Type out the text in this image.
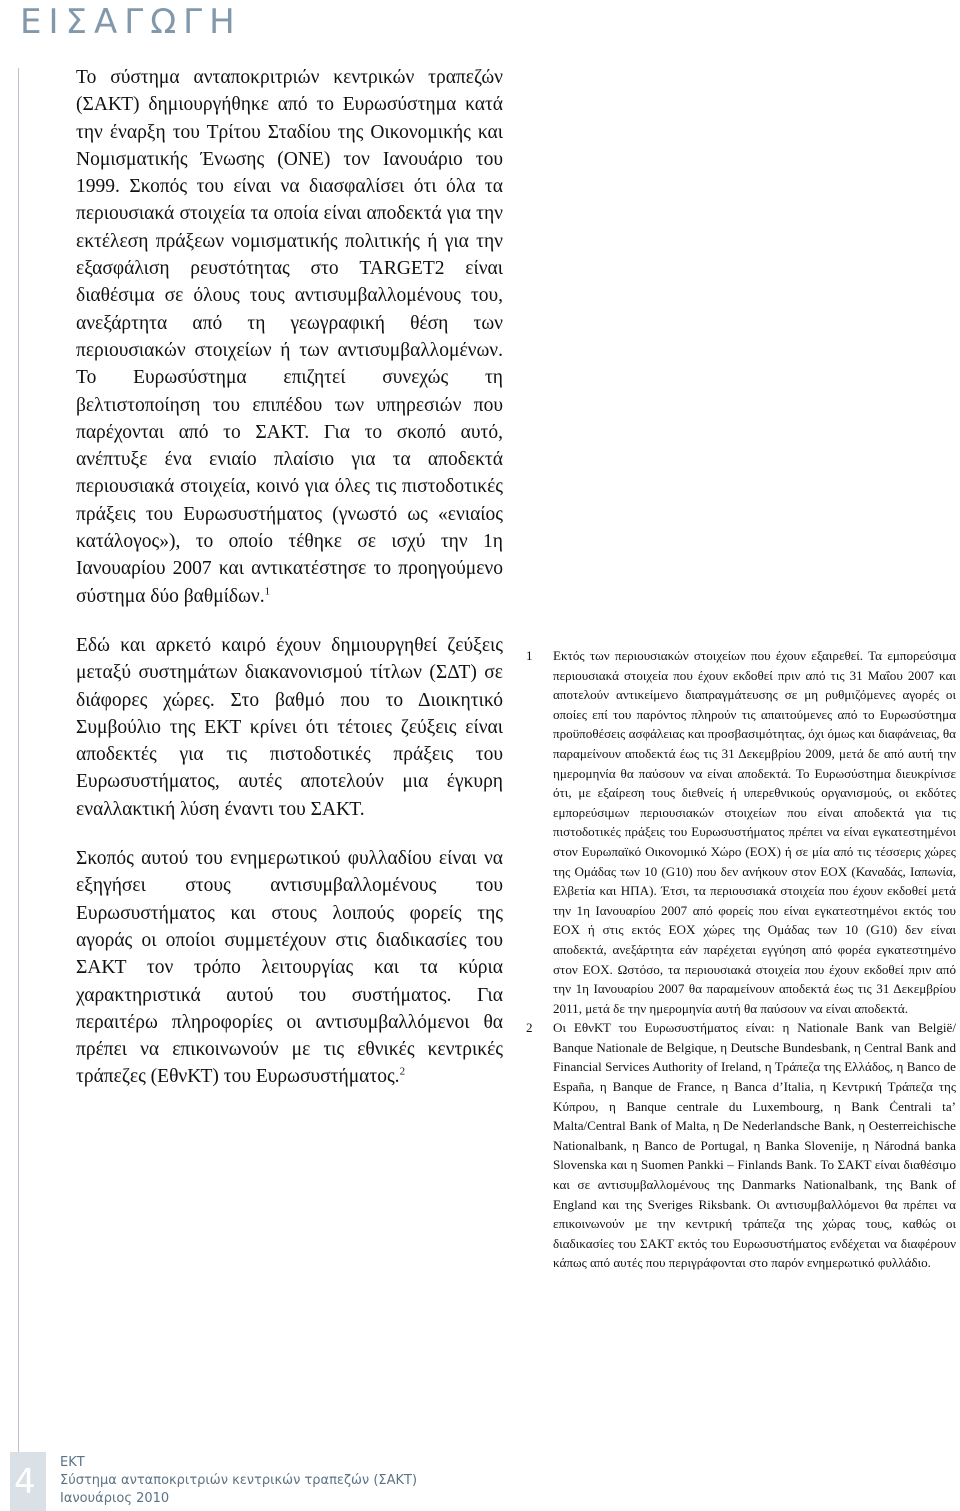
ΕΙΣΑΓΩΓΗ

Το σύστημα ανταποκριτριών κεντρικών τραπεζών (ΣΑΚΤ) δημιουργήθηκε από το Ευρωσύστημα κατά την έναρξη του Τρίτου Σταδίου της Οικονομικής και Νομισματικής Ένωσης (ΟΝΕ) τον Ιανουάριο του 1999. Σκοπός του είναι να διασφαλίσει ότι όλα τα περιουσιακά στοιχεία τα οποία είναι αποδεκτά για την εκτέλεση πράξεων νομισματικής πολιτικής ή για την εξασφάλιση ρευστότητας στο TARGET2 είναι διαθέσιμα σε όλους τους αντισυμβαλλομένους του, ανεξάρτητα από τη γεωγραφική θέση των περιουσιακών στοιχείων ή των αντισυμβαλλομένων. Το Ευρωσύστημα επιζητεί συνεχώς τη βελτιστοποίηση του επιπέδου των υπηρεσιών που παρέχονται από το ΣΑΚΤ. Για το σκοπό αυτό, ανέπτυξε ένα ενιαίο πλαίσιο για τα αποδεκτά περιουσιακά στοιχεία, κοινό για όλες τις πιστοδοτικές πράξεις του Ευρωσυστήματος (γνωστό ως «ενιαίος κατάλογος»), το οποίο τέθηκε σε ισχύ την 1η Ιανουαρίου 2007 και αντικατέστησε το προηγούμενο σύστημα δύο βαθμίδων.$^1$

Εδώ και αρκετό καιρό έχουν δημιουργηθεί ζεύξεις μεταξύ συστημάτων διακανονισμού τίτλων (ΣΔΤ) σε διάφορες χώρες. Στο βαθμό που το Διοικητικό Συμβούλιο της ΕΚΤ κρίνει ότι τέτοιες ζεύξεις είναι αποδεκτές για τις πιστοδοτικές πράξεις του Ευρωσυστήματος, αυτές αποτελούν μια έγκυρη εναλλακτική λύση έναντι του ΣΑΚΤ.

Σκοπός αυτού του ενημερωτικού φυλλαδίου είναι να εξηγήσει στους αντισυμβαλλομένους του Ευρωσυστήματος και στους λοιπούς φορείς της αγοράς οι οποίοι συμμετέχουν στις διαδικασίες του ΣΑΚΤ τον τρόπο λειτουργίας και τα κύρια χαρακτηριστικά αυτού του συστήματος. Για περαιτέρω πληροφορίες οι αντισυμβαλλόμενοι θα πρέπει να επικοινωνούν με τις εθνικές κεντρικές τράπεζες (ΕθνΚΤ) του Ευρωσυστήματος.$^2$

1 Εκτός των περιουσιακών στοιχείων που έχουν εξαιρεθεί. Τα εμπορεύσιμα περιουσιακά στοιχεία που έχουν εκδοθεί πριν από τις 31 Μαΐου 2007 και αποτελούν αντικείμενο διαπραγμάτευσης σε μη ρυθμιζόμενες αγορές οι οποίες επί του παρόντος πληρούν τις απαιτούμενες από το Ευρωσύστημα προϋποθέσεις ασφάλειας και προσβασιμότητας, όχι όμως και διαφάνειας, θα παραμείνουν αποδεκτά έως τις 31 Δεκεμβρίου 2009, μετά δε από αυτή την ημερομηνία θα παύσουν να είναι αποδεκτά. Το Ευρωσύστημα διευκρίνισε ότι, με εξαίρεση τους διεθνείς ή υπερεθνικούς οργανισμούς, οι εκδότες εμπορεύσιμων περιουσιακών στοιχείων που είναι αποδεκτά για τις πιστοδοτικές πράξεις του Ευρωσυστήματος πρέπει να είναι εγκατεστημένοι στον Ευρωπαϊκό Οικονομικό Χώρο (ΕΟΧ) ή σε μία από τις τέσσερις χώρες της Ομάδας των 10 (G10) που δεν ανήκουν στον ΕΟΧ (Καναδάς, Ιαπωνία, Ελβετία και ΗΠΑ). Έτσι, τα περιουσιακά στοιχεία που έχουν εκδοθεί μετά την 1η Ιανουαρίου 2007 από φορείς που είναι εγκατεστημένοι εκτός του ΕΟΧ ή στις εκτός ΕΟΧ χώρες της Ομάδας των 10 (G10) δεν είναι αποδεκτά, ανεξάρτητα εάν παρέχεται εγγύηση από φορέα εγκατεστημένο στον ΕΟΧ. Ωστόσο, τα περιουσιακά στοιχεία που έχουν εκδοθεί πριν από την 1η Ιανουαρίου 2007 θα παραμείνουν αποδεκτά έως τις 31 Δεκεμβρίου 2011, μετά δε την ημερομηνία αυτή θα παύσουν να είναι αποδεκτά.
2 Οι ΕθνΚΤ του Ευρωσυστήματος είναι: η Nationale Bank van België/ Banque Nationale de Belgique, η Deutsche Bundesbank, η Central Bank and Financial Services Authority of Ireland, η Τράπεζα της Ελλάδος, η Banco de España, η Banque de France, η Banca d’Italia, η Κεντρική Τράπεζα της Κύπρου, η Banque centrale du Luxembourg, η Bank Ċentrali ta’ Malta/Central Bank of Malta, η De Nederlandsche Bank, η Oesterreichische Nationalbank, η Banco de Portugal, η Banka Slovenije, η Národná banka Slovenska και η Suomen Pankki – Finlands Bank. Το ΣΑΚΤ είναι διαθέσιμο και σε αντισυμβαλλομένους της Danmarks Nationalbank, της Bank of England και της Sveriges Riksbank. Οι αντισυμβαλλόμενοι θα πρέπει να επικοινωνούν με την κεντρική τράπεζα της χώρας τους, καθώς οι διαδικασίες του ΣΑΚΤ εκτός του Ευρωσυστήματος ενδέχεται να διαφέρουν κάπως από αυτές που περιγράφονται στο παρόν ενημερωτικό φυλλάδιο.
4 ΕΚΤ
Σύστημα ανταποκριτριών κεντρικών τραπεζών (ΣΑΚΤ)
Ιανουάριος 2010
